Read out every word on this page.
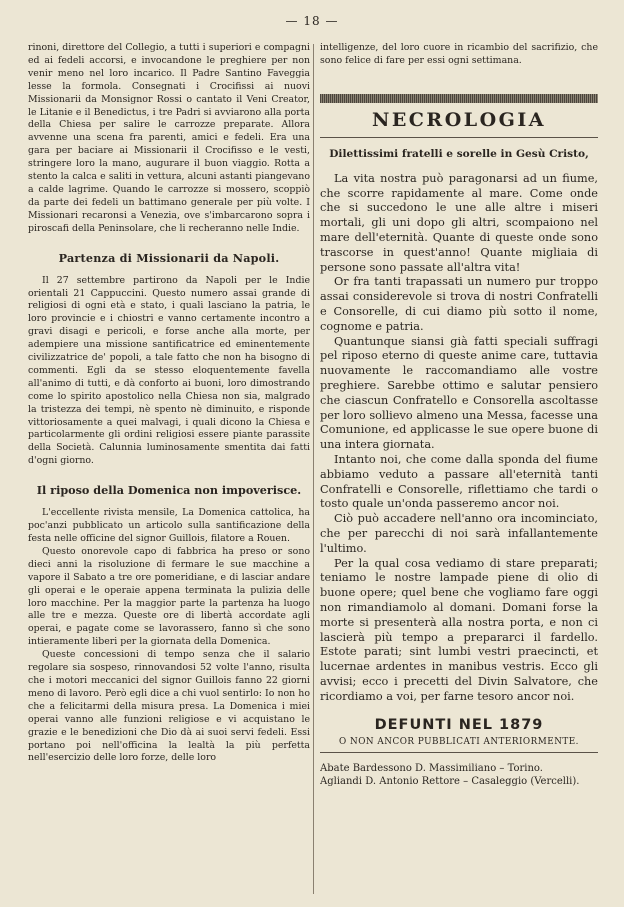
— 18 —

rinoni, direttore del Collegio, a tutti i superiori e compagni ed ai fedeli accorsi, e invocandone le preghiere per non venir meno nel loro incarico. Il Padre Santino Faveggia lesse la formola. Consegnati i Crocifissi ai nuovi Missionarii da Monsignor Rossi o cantato il Veni Creator, le Litanie e il Benedictus, i tre Padri si avviarono alla porta della Chiesa per salire le carrozze preparate. Allora avvenne una scena fra parenti, amici e fedeli. Era una gara per baciare ai Missionarii il Crocifisso e le vesti, stringere loro la mano, augurare il buon viaggio. Rotta a stento la calca e saliti in vettura, alcuni astanti piangevano a calde lagrime. Quando le carrozze si mossero, scoppiò da parte dei fedeli un battimano generale per più volte. I Missionari recaronsi a Venezia, ove s'imbarcarono sopra i piroscafi della Peninsolare, che li recheranno nelle Indie.

Partenza di Missionarii da Napoli.

Il 27 settembre partirono da Napoli per le Indie orientali 21 Cappuccini. Questo numero assai grande di religiosi di ogni età e stato, i quali lasciano la patria, le loro provincie e i chiostri e vanno certamente incontro a gravi disagi e pericoli, e forse anche alla morte, per adempiere una missione santificatrice ed eminentemente civilizzatrice de' popoli, a tale fatto che non ha bisogno di commenti. Egli da se stesso eloquentemente favella all'animo di tutti, e dà conforto ai buoni, loro dimostrando come lo spirito apostolico nella Chiesa non sia, malgrado la tristezza dei tempi, nè spento nè diminuito, e risponde vittoriosamente a quei malvagi, i quali dicono la Chiesa e particolarmente gli ordini religiosi essere piante parassite della Società. Calunnia luminosamente smentita dai fatti d'ogni giorno.

Il riposo della Domenica non impoverisce.

L'eccellente rivista mensile, La Domenica cattolica, ha poc'anzi pubblicato un articolo sulla santificazione della festa nelle officine del signor Guillois, filatore a Rouen.

Questo onorevole capo di fabbrica ha preso or sono dieci anni la risoluzione di fermare le sue macchine a vapore il Sabato a tre ore pomeridiane, e di lasciar andare gli operai e le operaie appena terminata la pulizia delle loro macchine. Per la maggior parte la partenza ha luogo alle tre e mezza. Queste ore di libertà accordate agli operai, e pagate come se lavorassero, fanno sì che sono intieramente liberi per la giornata della Domenica.

Queste concessioni di tempo senza che il salario regolare sia sospeso, rinnovandosi 52 volte l'anno, risulta che i motori meccanici del signor Guillois fanno 22 giorni meno di lavoro. Però egli dice a chi vuol sentirlo: Io non ho che a felicitarmi della misura presa. La Domenica i miei operai vanno alle funzioni religiose e vi acquistano le grazie e le benedizioni che Dio dà ai suoi servi fedeli. Essi portano poi nell'officina la lealtà la più perfetta nell'esercizio delle loro forze, delle loro

intelligenze, del loro cuore in ricambio del sacrifizio, che sono felice di fare per essi ogni settimana.

NECROLOGIA
Dilettissimi fratelli e sorelle in Gesù Cristo,

La vita nostra può paragonarsi ad un fiume, che scorre rapidamente al mare. Come onde che si succedono le une alle altre i miseri mortali, gli uni dopo gli altri, scompaiono nel mare dell'eternità. Quante di queste onde sono trascorse in quest'anno! Quante migliaia di persone sono passate all'altra vita!

Or fra tanti trapassati un numero pur troppo assai considerevole si trova di nostri Confratelli e Consorelle, di cui diamo più sotto il nome, cognome e patria.

Quantunque siansi già fatti speciali suffragi pel riposo eterno di queste anime care, tuttavia nuovamente le raccomandiamo alle vostre preghiere. Sarebbe ottimo e salutar pensiero che ciascun Confratello e Consorella ascoltasse per loro sollievo almeno una Messa, facesse una Comunione, ed applicasse le sue opere buone di una intera giornata.

Intanto noi, che come dalla sponda del fiume abbiamo veduto a passare all'eternità tanti Confratelli e Consorelle, riflettiamo che tardi o tosto quale un'onda passeremo ancor noi.

Ciò può accadere nell'anno ora incominciato, che per parecchi di noi sarà infallantemente l'ultimo.

Per la qual cosa vediamo di stare preparati; teniamo le nostre lampade piene di olio di buone opere; quel bene che vogliamo fare oggi non rimandiamolo al domani. Domani forse la morte si presenterà alla nostra porta, e non ci lascierà più tempo a prepararci il fardello. Estote parati; sint lumbi vestri praecincti, et lucernae ardentes in manibus vestris. Ecco gli avvisi; ecco i precetti del Divin Salvatore, che ricordiamo a voi, per farne tesoro ancor noi.

DEFUNTI NEL 1879
O NON ANCOR PUBBLICATI ANTERIORMENTE.

Abate Bardessono D. Massimiliano – Torino.

Agliandi D. Antonio Rettore – Casaleggio (Vercelli).
